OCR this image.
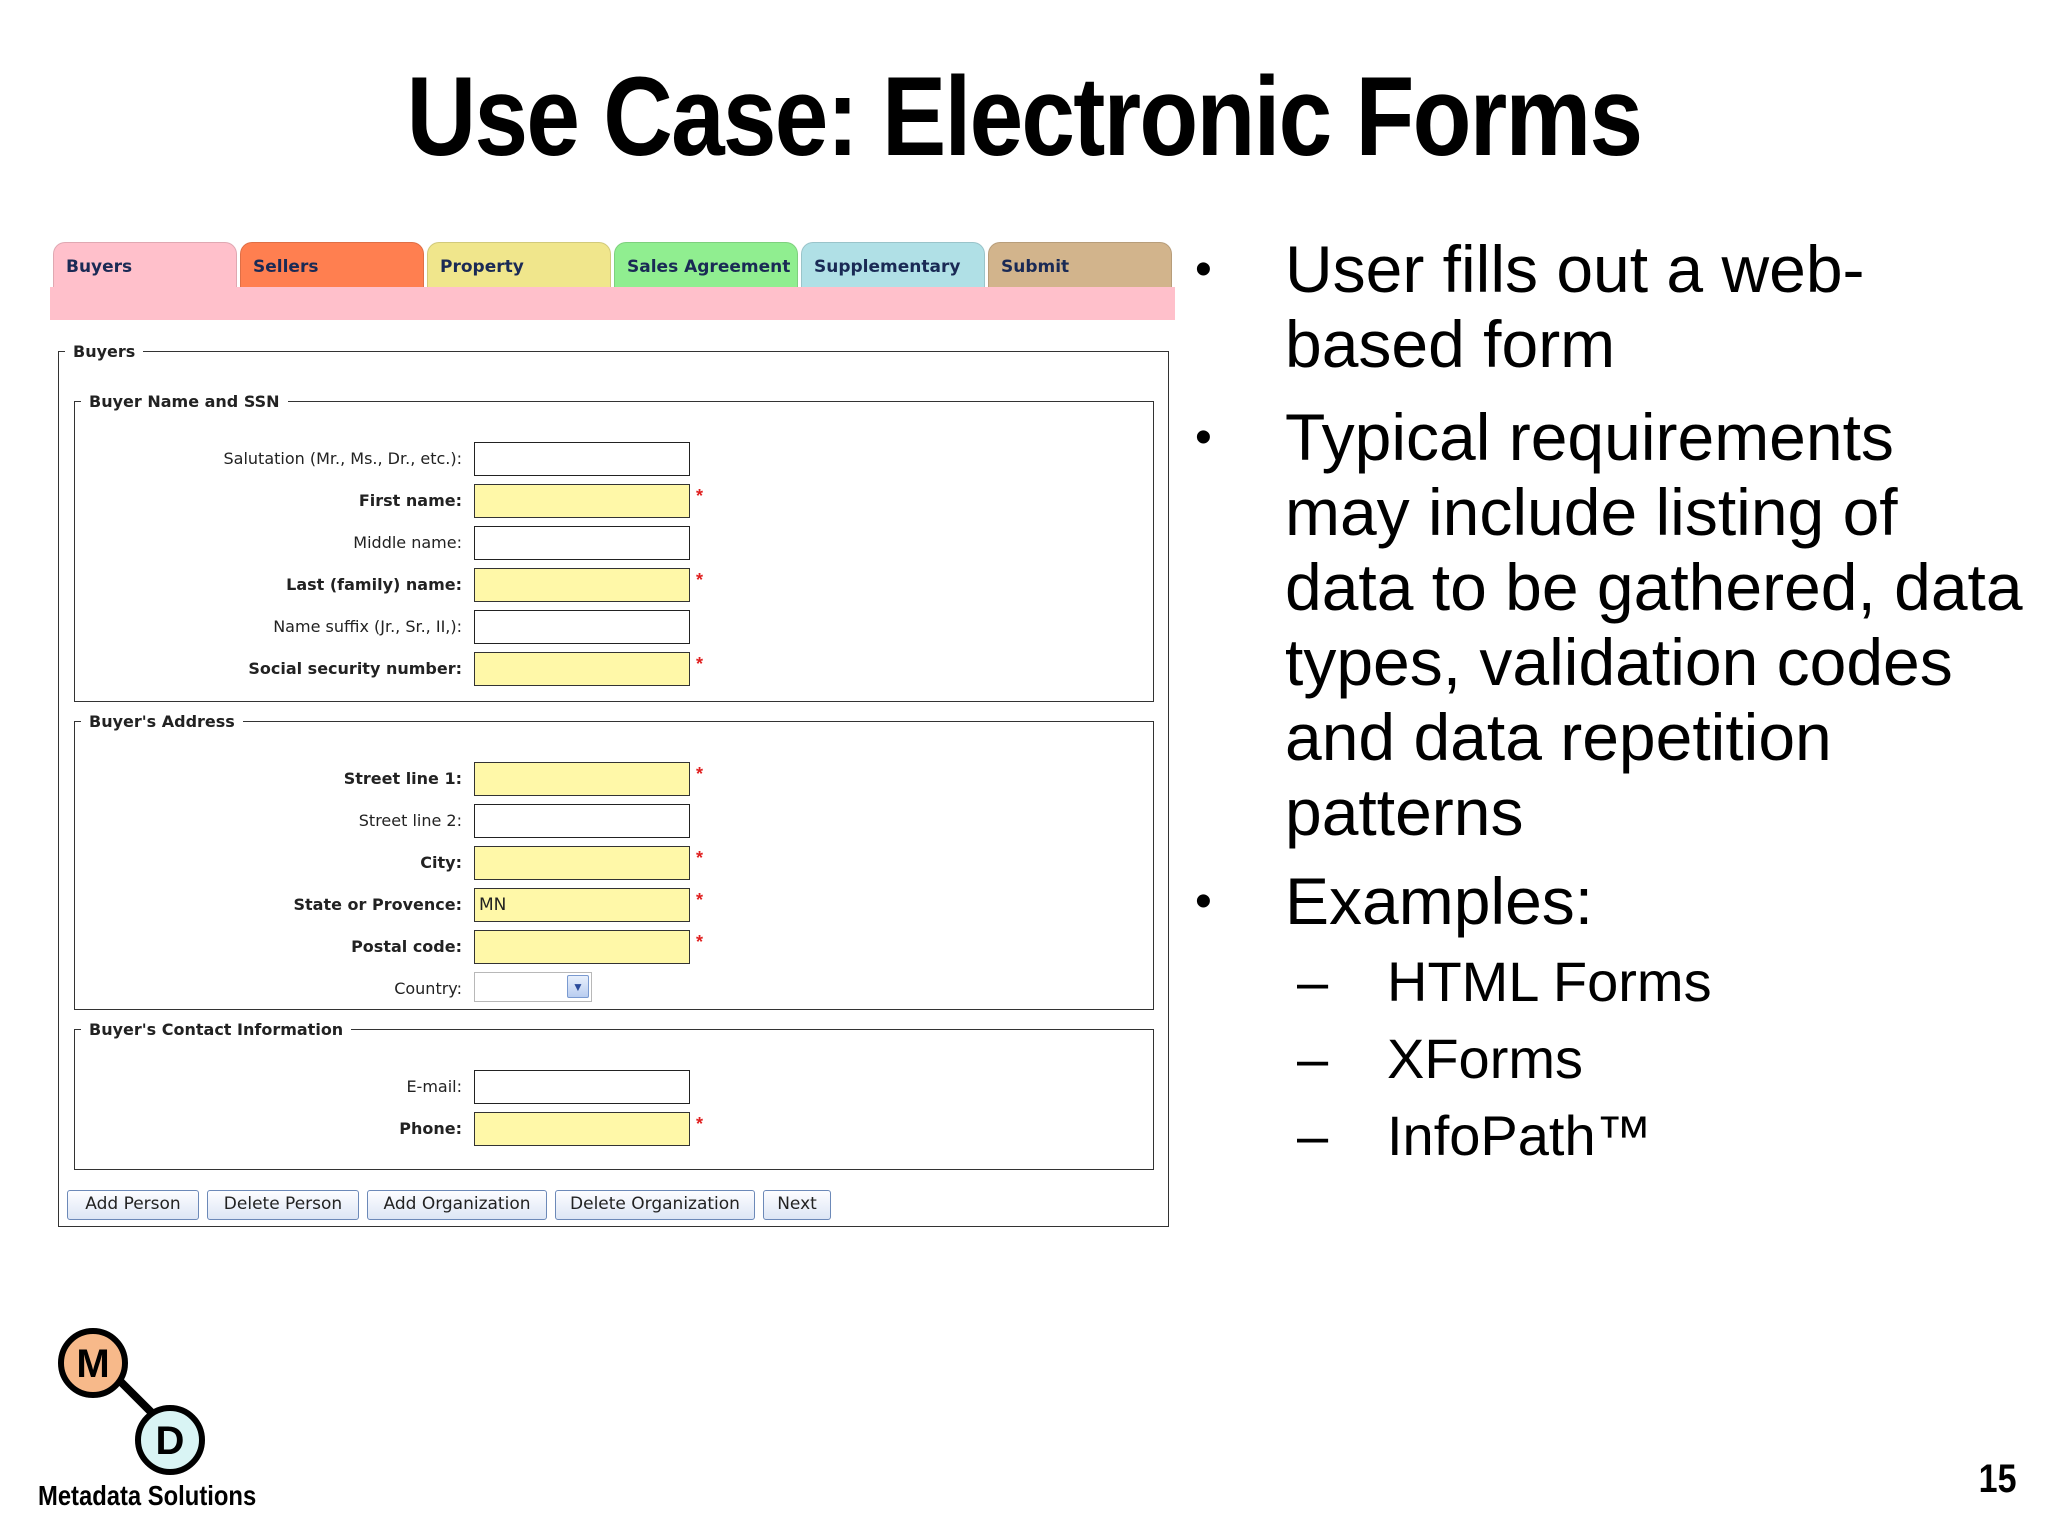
Use Case: Electronic Forms
Buyers	Sellers	Property	Sales Agreement	Supplementary	Submit
Buyers
Buyer Name and SSN
Salutation (Mr., Ms., Dr., etc.):
First name:	*
Middle name:
Last (family) name:	*
Name suffix (Jr., Sr., II,):
Social security number:	*
Buyer's Address
Street line 1:	*
Street line 2:
City:	*
State or Provence: MN	*
Postal code:	*
Country:	▼
Buyer's Contact Information
E-mail:
Phone:	*
Add Person	Delete Person	Add Organization	Delete Organization	Next
• User fills out a web-based form
• Typical requirements may include listing of data to be gathered, data types, validation codes and data repetition patterns
• Examples:
– HTML Forms
– XForms
– InfoPath™
M
D
Metadata Solutions	15
